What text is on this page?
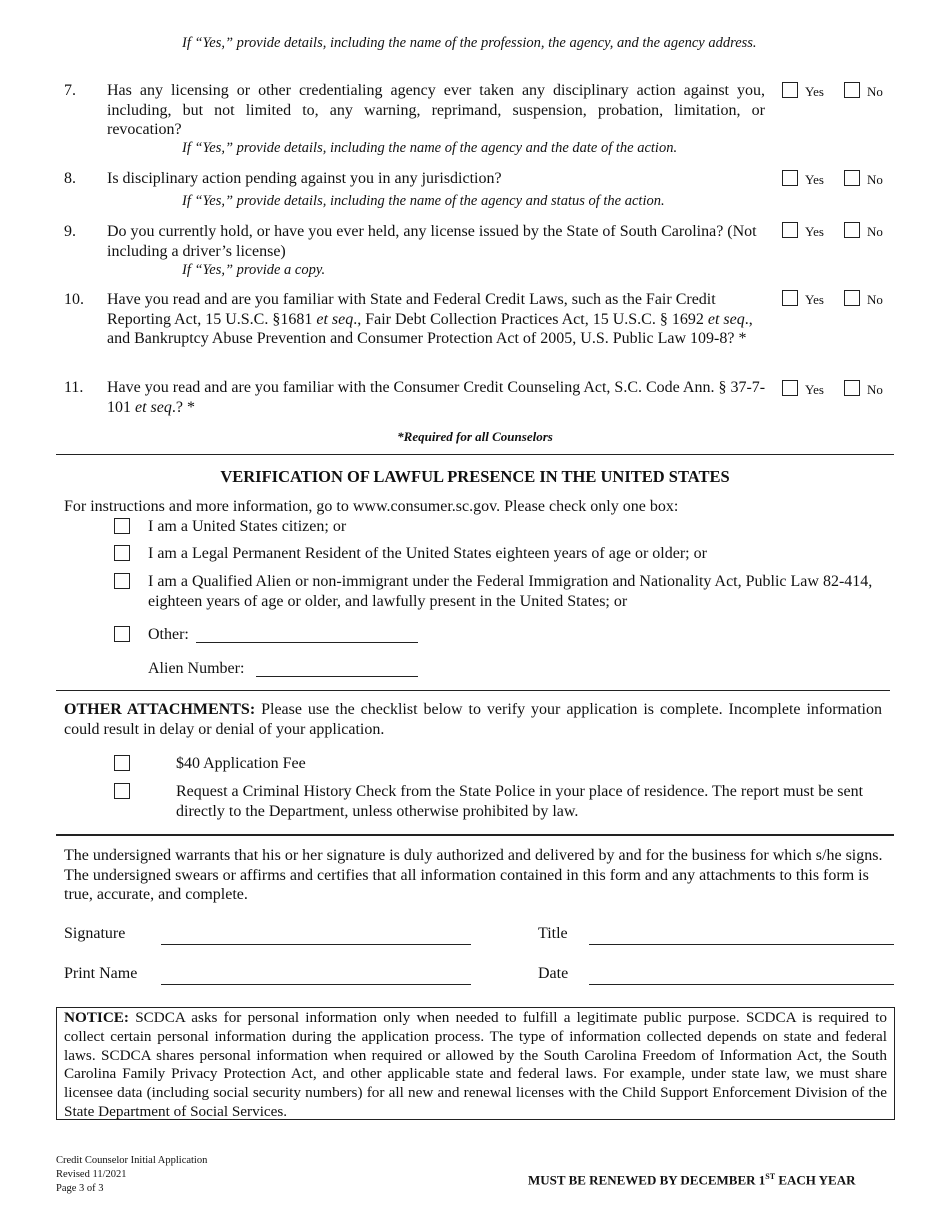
If “Yes,” provide details, including the name of the profession, the agency, and the agency address.
7. Has any licensing or other credentialing agency ever taken any disciplinary action against you, including, but not limited to, any warning, reprimand, suspension, probation, limitation, or revocation?
If “Yes,” provide details, including the name of the agency and the date of the action.
Yes	No
8. Is disciplinary action pending against you in any jurisdiction?
If “Yes,” provide details, including the name of the agency and status of the action.
Yes	No
9. Do you currently hold, or have you ever held, any license issued by the State of South Carolina? (Not including a driver’s license)
If “Yes,” provide a copy.
Yes	No
10. Have you read and are you familiar with State and Federal Credit Laws, such as the Fair Credit Reporting Act, 15 U.S.C. §1681 et seq., Fair Debt Collection Practices Act, 15 U.S.C. § 1692 et seq., and Bankruptcy Abuse Prevention and Consumer Protection Act of 2005, U.S. Public Law 109-8? *
Yes	No
11. Have you read and are you familiar with the Consumer Credit Counseling Act, S.C. Code Ann. § 37-7-101 et seq.? *
Yes	No
*Required for all Counselors
VERIFICATION OF LAWFUL PRESENCE IN THE UNITED STATES
For instructions and more information, go to www.consumer.sc.gov. Please check only one box:
I am a United States citizen; or
I am a Legal Permanent Resident of the United States eighteen years of age or older; or
I am a Qualified Alien or non-immigrant under the Federal Immigration and Nationality Act, Public Law 82-414, eighteen years of age or older, and lawfully present in the United States; or
Other:
Alien Number:
OTHER ATTACHMENTS: Please use the checklist below to verify your application is complete. Incomplete information could result in delay or denial of your application.
$40 Application Fee
Request a Criminal History Check from the State Police in your place of residence. The report must be sent directly to the Department, unless otherwise prohibited by law.
The undersigned warrants that his or her signature is duly authorized and delivered by and for the business for which s/he signs. The undersigned swears or affirms and certifies that all information contained in this form and any attachments to this form is true, accurate, and complete.
Signature	Title
Print Name	Date
NOTICE: SCDCA asks for personal information only when needed to fulfill a legitimate public purpose. SCDCA is required to collect certain personal information during the application process. The type of information collected depends on state and federal laws. SCDCA shares personal information when required or allowed by the South Carolina Freedom of Information Act, the South Carolina Family Privacy Protection Act, and other applicable state and federal laws. For example, under state law, we must share licensee data (including social security numbers) for all new and renewal licenses with the Child Support Enforcement Division of the State Department of Social Services.
Credit Counselor Initial Application
Revised 11/2021
Page 3 of 3
MUST BE RENEWED BY DECEMBER 1ST EACH YEAR
